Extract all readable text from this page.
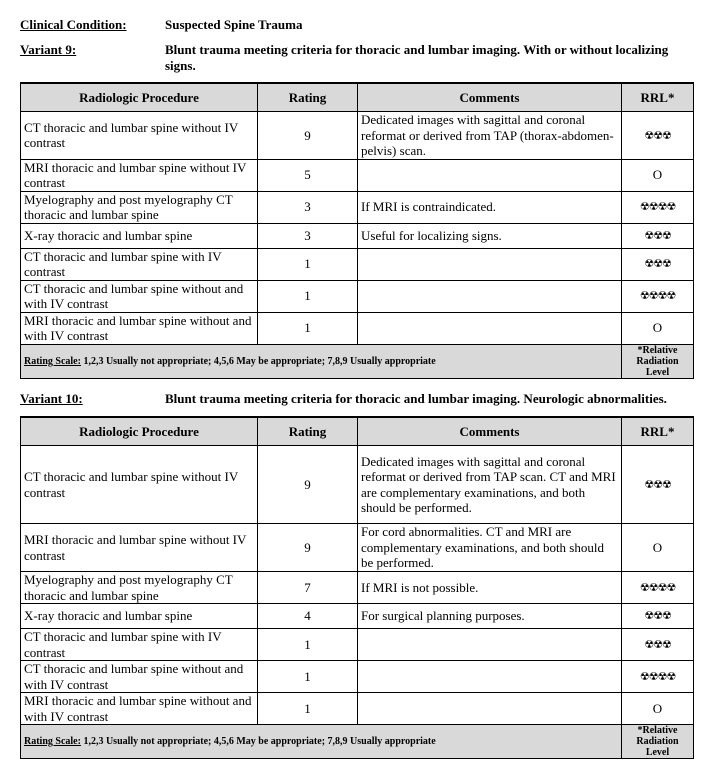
Clinical Condition:	Suspected Spine Trauma
Variant 9:	Blunt trauma meeting criteria for thoracic and lumbar imaging. With or without localizing signs.
Radiologic Procedure	Rating	Comments	RRL*
CT thoracic and lumbar spine without IV contrast	9	Dedicated images with sagittal and coronal reformat or derived from TAP (thorax-abdomen-pelvis) scan.	☢☢☢
MRI thoracic and lumbar spine without IV contrast	5		O
Myelography and post myelography CT thoracic and lumbar spine	3	If MRI is contraindicated.	☢☢☢☢
X-ray thoracic and lumbar spine	3	Useful for localizing signs.	☢☢☢
CT thoracic and lumbar spine with IV contrast	1		☢☢☢
CT thoracic and lumbar spine without and with IV contrast	1		☢☢☢☢
MRI thoracic and lumbar spine without and with IV contrast	1		O
Rating Scale: 1,2,3 Usually not appropriate; 4,5,6 May be appropriate; 7,8,9 Usually appropriate			*Relative
Radiation Level
Variant 10:	Blunt trauma meeting criteria for thoracic and lumbar imaging. Neurologic abnormalities.
Radiologic Procedure	Rating	Comments	RRL*
CT thoracic and lumbar spine without IV contrast	9	Dedicated images with sagittal and coronal reformat or derived from TAP scan. CT and MRI are complementary examinations, and both should be performed.	☢☢☢
MRI thoracic and lumbar spine without IV contrast	9	For cord abnormalities. CT and MRI are complementary examinations, and both should be performed.	O
Myelography and post myelography CT thoracic and lumbar spine	7	If MRI is not possible.	☢☢☢☢
X-ray thoracic and lumbar spine	4	For surgical planning purposes.	☢☢☢
CT thoracic and lumbar spine with IV contrast	1		☢☢☢
CT thoracic and lumbar spine without and with IV contrast	1		☢☢☢☢
MRI thoracic and lumbar spine without and with IV contrast	1		O
Rating Scale: 1,2,3 Usually not appropriate; 4,5,6 May be appropriate; 7,8,9 Usually appropriate			*Relative
Radiation Level
